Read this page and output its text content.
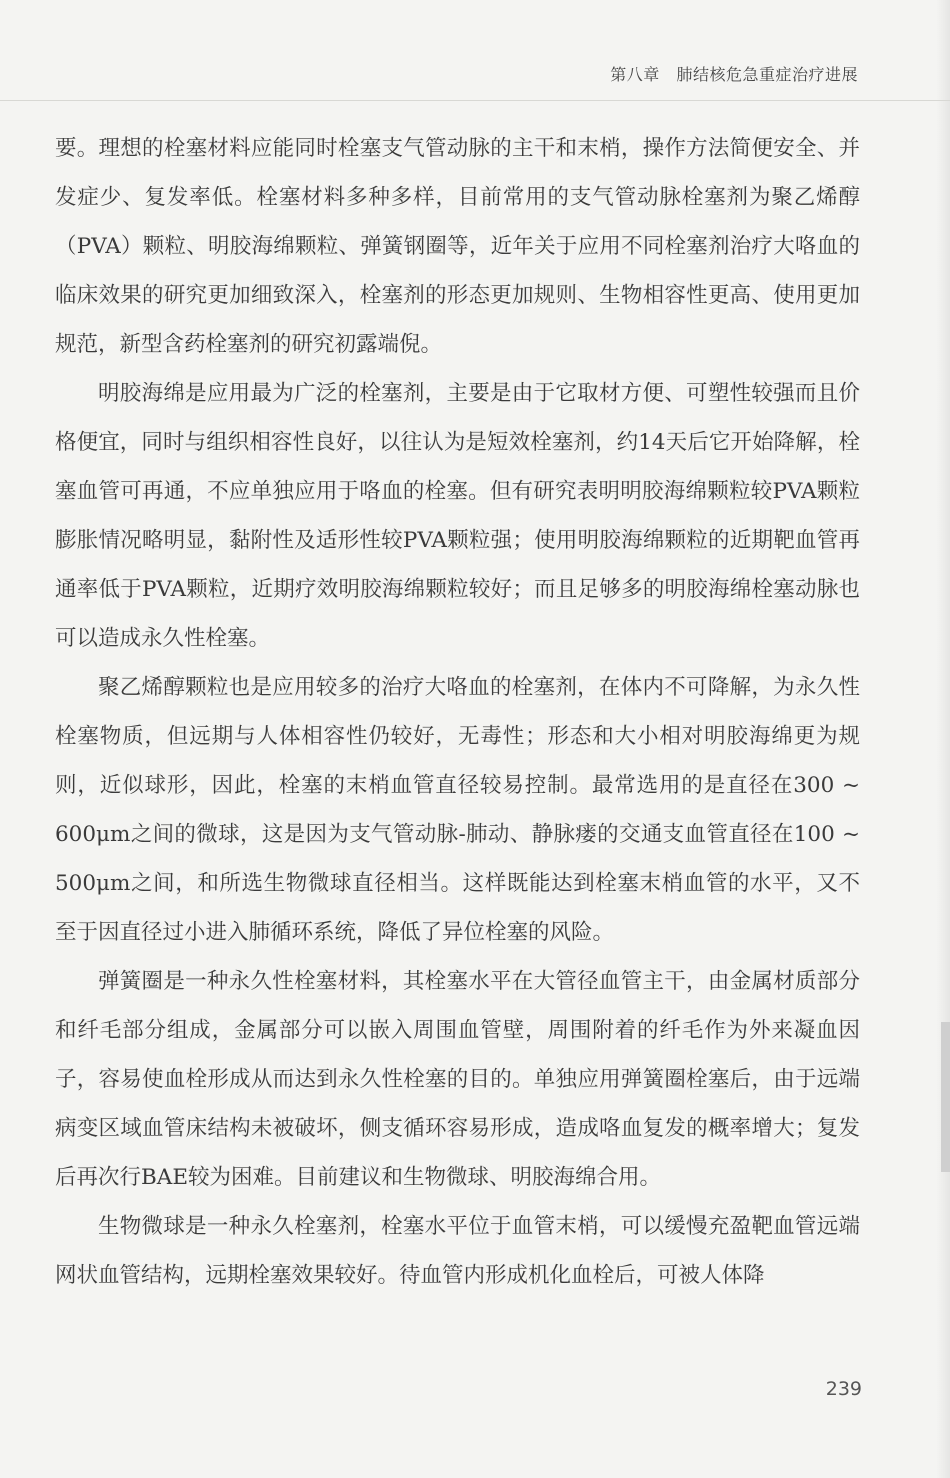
第八章 肺结核危急重症治疗进展

要。理想的栓塞材料应能同时栓塞支气管动脉的主干和末梢，操作方法简便安全、并发症少、复发率低。栓塞材料多种多样，目前常用的支气管动脉栓塞剂为聚乙烯醇（PVA）颗粒、明胶海绵颗粒、弹簧钢圈等，近年关于应用不同栓塞剂治疗大咯血的临床效果的研究更加细致深入，栓塞剂的形态更加规则、生物相容性更高、使用更加规范，新型含药栓塞剂的研究初露端倪。

明胶海绵是应用最为广泛的栓塞剂，主要是由于它取材方便、可塑性较强而且价格便宜，同时与组织相容性良好，以往认为是短效栓塞剂，约14天后它开始降解，栓塞血管可再通，不应单独应用于咯血的栓塞。但有研究表明明胶海绵颗粒较PVA颗粒膨胀情况略明显，黏附性及适形性较PVA颗粒强；使用明胶海绵颗粒的近期靶血管再通率低于PVA颗粒，近期疗效明胶海绵颗粒较好；而且足够多的明胶海绵栓塞动脉也可以造成永久性栓塞。

聚乙烯醇颗粒也是应用较多的治疗大咯血的栓塞剂，在体内不可降解，为永久性栓塞物质，但远期与人体相容性仍较好，无毒性；形态和大小相对明胶海绵更为规则，近似球形，因此，栓塞的末梢血管直径较易控制。最常选用的是直径在300 ~ 600μm之间的微球，这是因为支气管动脉-肺动、静脉瘘的交通支血管直径在100 ~ 500μm之间，和所选生物微球直径相当。这样既能达到栓塞末梢血管的水平，又不至于因直径过小进入肺循环系统，降低了异位栓塞的风险。

弹簧圈是一种永久性栓塞材料，其栓塞水平在大管径血管主干，由金属材质部分和纤毛部分组成，金属部分可以嵌入周围血管壁，周围附着的纤毛作为外来凝血因子，容易使血栓形成从而达到永久性栓塞的目的。单独应用弹簧圈栓塞后，由于远端病变区域血管床结构未被破坏，侧支循环容易形成，造成咯血复发的概率增大；复发后再次行BAE较为困难。目前建议和生物微球、明胶海绵合用。

生物微球是一种永久栓塞剂，栓塞水平位于血管末梢，可以缓慢充盈靶血管远端网状血管结构，远期栓塞效果较好。待血管内形成机化血栓后，可被人体降

239
